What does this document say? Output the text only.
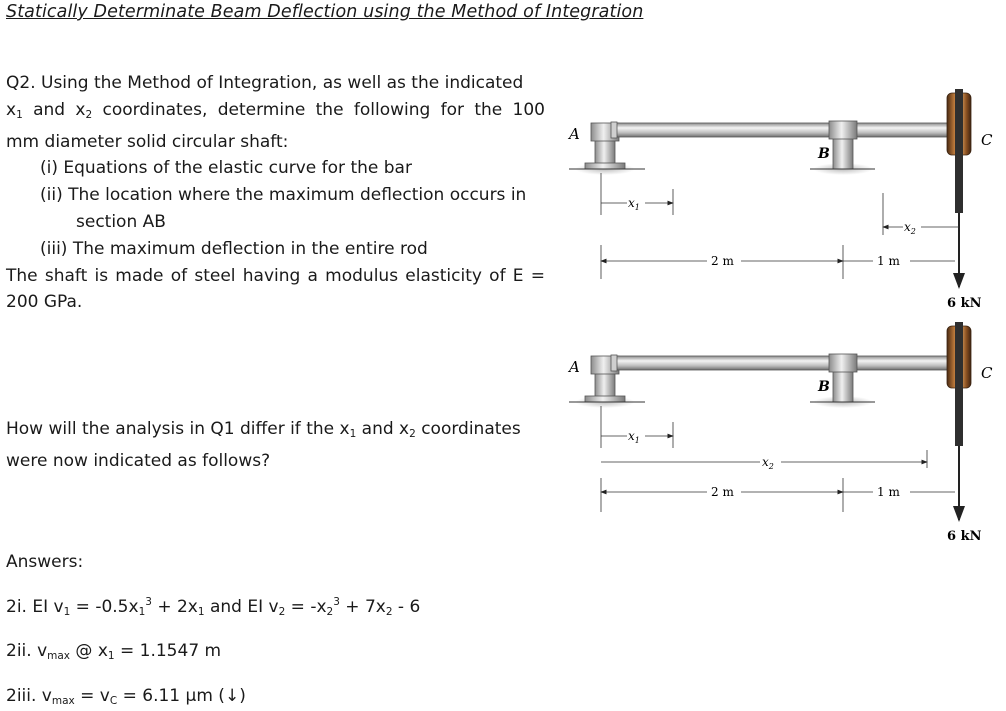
Statically Determinate Beam Deflection using the Method of Integration
Q2. Using the Method of Integration, as well as the indicated
$x_1$ and $x_2$ coordinates, determine the following for the 100
mm diameter solid circular shaft:
(i) Equations of the elastic curve for the bar
(ii) The location where the maximum deflection occurs in
section AB
(iii) The maximum deflection in the entire rod
The shaft is made of steel having a modulus elasticity of E =
200 GPa.
How will the analysis in Q1 differ if the $x_1$ and $x_2$ coordinates
were now indicated as follows?
Answers:
2i. EI $v_1 = -0.5x_1^3 + 2x_1$ and EI $v_2 = -x_2^3 + 7x_2 - 6$
2ii. $v_{max}$ @ $x_1 = 1.1547$ m
2iii. $v_{max} = v_C = 6.11$ µm (↓)
A
B
C
$x_1$
$x_2$
2 m	1 m
6 kN
A
B
C
$x_1$
$x_2$
2 m	1 m
6 kN
